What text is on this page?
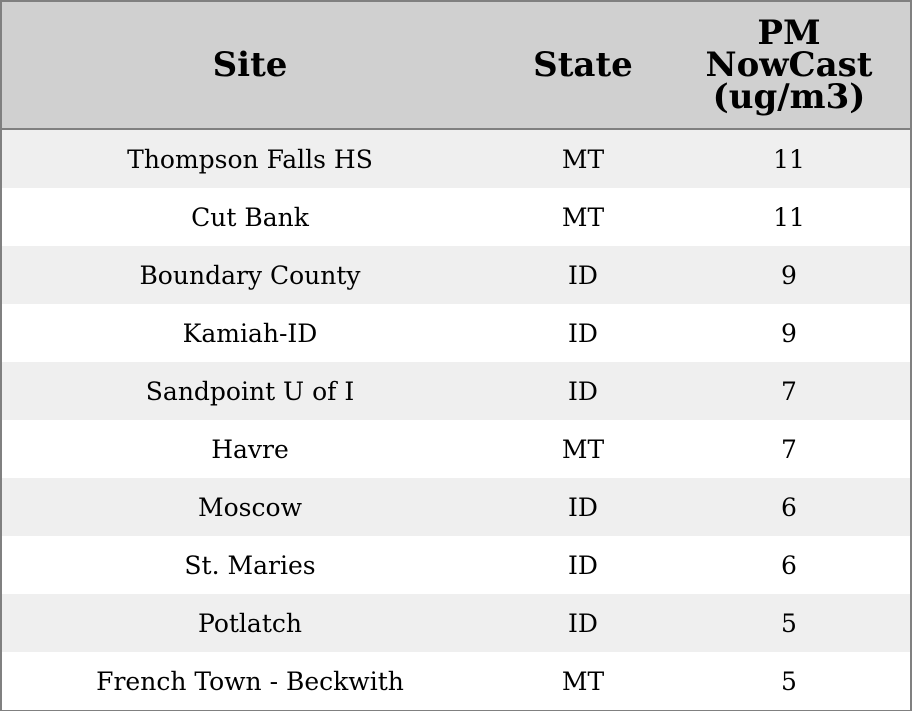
Site	State	PM
NowCast
(ug/m3)

Thompson Falls HS	MT	11
Cut Bank	MT	11
Boundary County	ID	9
Kamiah-ID	ID	9
Sandpoint U of I	ID	7
Havre	MT	7
Moscow	ID	6
St. Maries	ID	6
Potlatch	ID	5
French Town - Beckwith	MT	5
